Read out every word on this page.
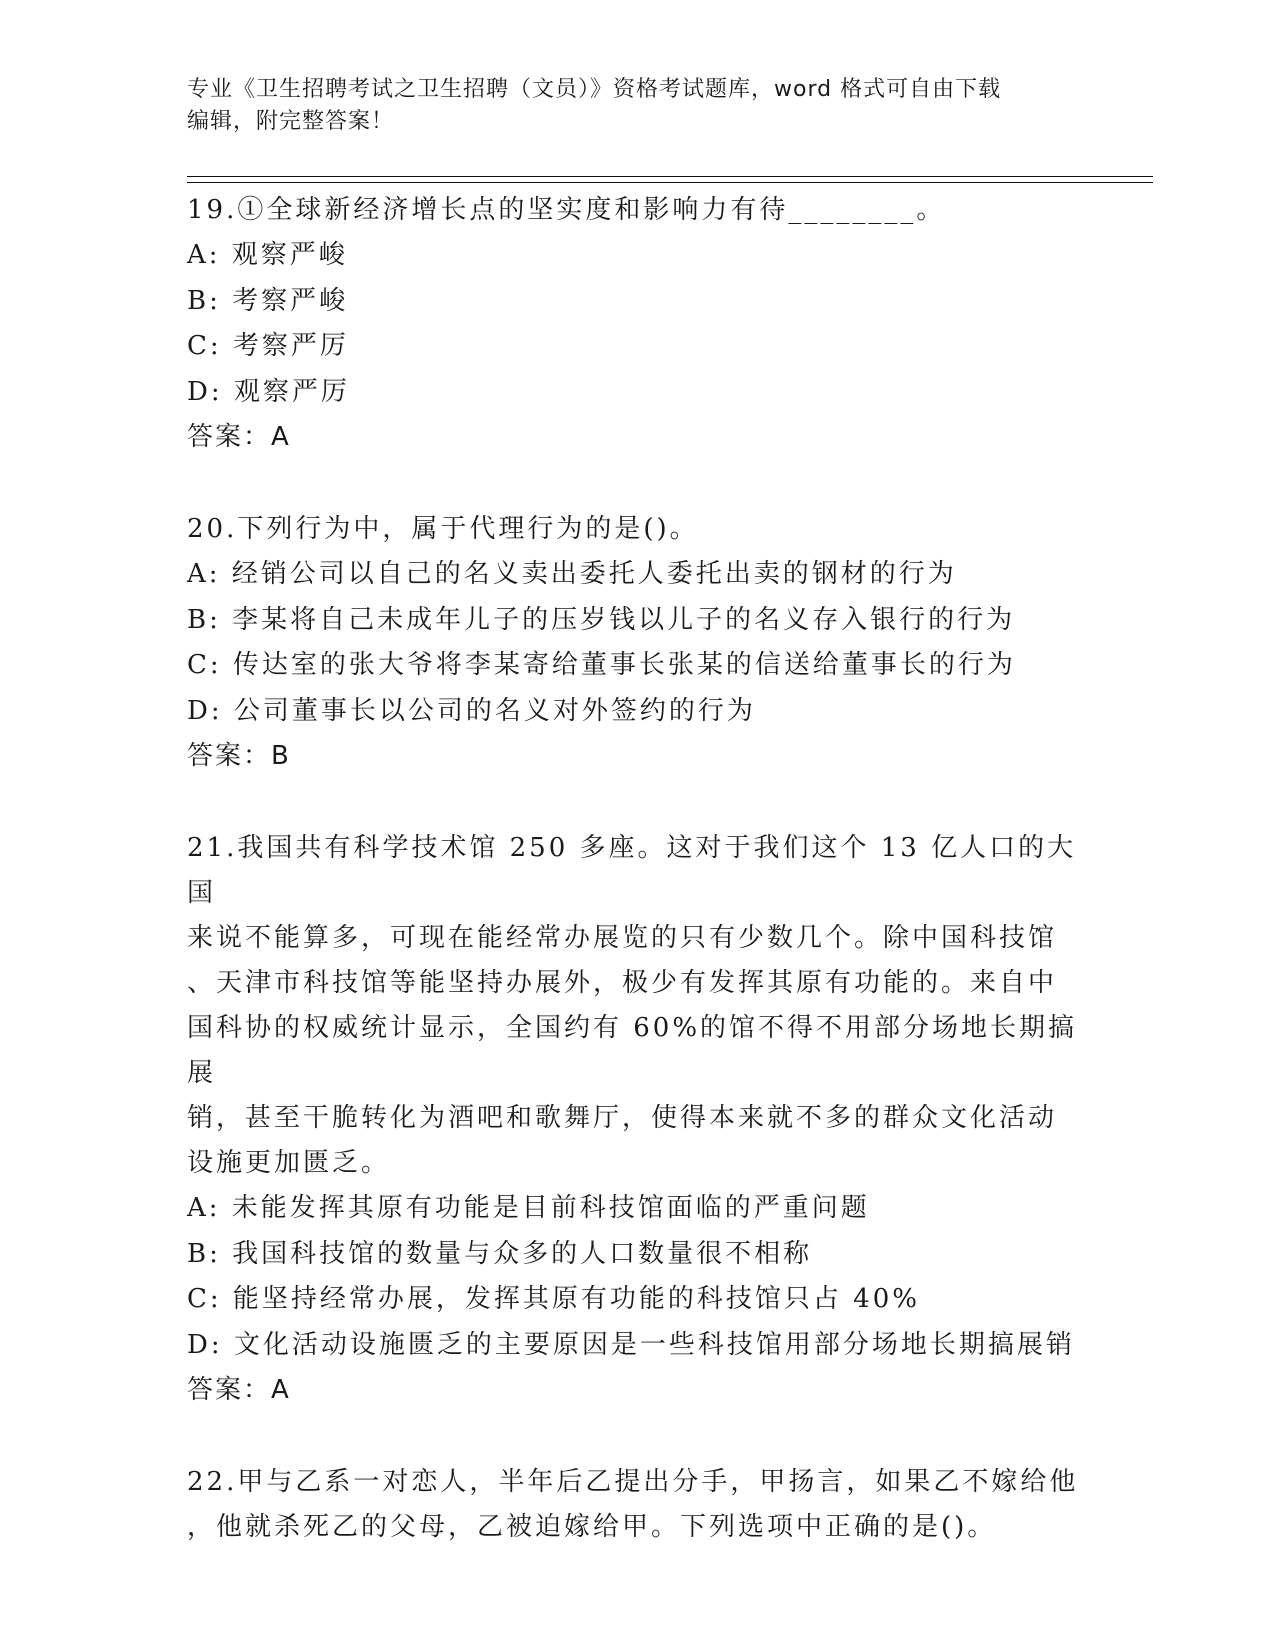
专业《卫生招聘考试之卫生招聘（文员）》资格考试题库，word 格式可自由下载
编辑，附完整答案！

19.①全球新经济增长点的坚实度和影响力有待________。

A: 观察严峻

B: 考察严峻

C: 考察严厉

D: 观察严厉

答案：A

20.下列行为中，属于代理行为的是()。

A: 经销公司以自己的名义卖出委托人委托出卖的钢材的行为

B: 李某将自己未成年儿子的压岁钱以儿子的名义存入银行的行为

C: 传达室的张大爷将李某寄给董事长张某的信送给董事长的行为

D: 公司董事长以公司的名义对外签约的行为

答案：B

21.我国共有科学技术馆 250 多座。这对于我们这个 13 亿人口的大国

来说不能算多，可现在能经常办展览的只有少数几个。除中国科技馆

、天津市科技馆等能坚持办展外，极少有发挥其原有功能的。来自中

国科协的权威统计显示，全国约有 60%的馆不得不用部分场地长期搞展

销，甚至干脆转化为酒吧和歌舞厅，使得本来就不多的群众文化活动

设施更加匮乏。

A: 未能发挥其原有功能是目前科技馆面临的严重问题

B: 我国科技馆的数量与众多的人口数量很不相称

C: 能坚持经常办展，发挥其原有功能的科技馆只占 40%

D: 文化活动设施匮乏的主要原因是一些科技馆用部分场地长期搞展销

答案：A

22.甲与乙系一对恋人，半年后乙提出分手，甲扬言，如果乙不嫁给他

，他就杀死乙的父母，乙被迫嫁给甲。下列选项中正确的是()。
